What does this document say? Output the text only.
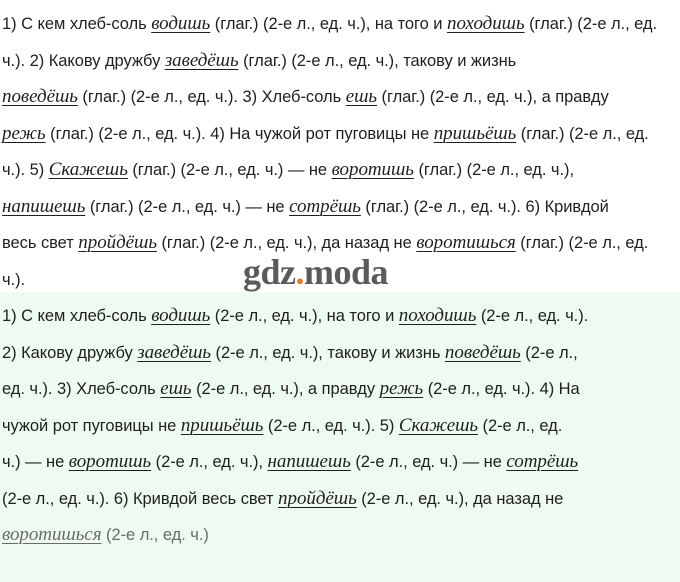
1) С кем хлеб-соль водишь (глаг.) (2-е л., ед. ч.), на того и походишь (глаг.) (2-е л., ед.
ч.). 2) Какову дружбу заведёшь (глаг.) (2-е л., ед. ч.), такову и жизнь
поведёшь (глаг.) (2-е л., ед. ч.). 3) Хлеб-соль ешь (глаг.) (2-е л., ед. ч.), а правду
режь (глаг.) (2-е л., ед. ч.). 4) На чужой рот пуговицы не пришьёшь (глаг.) (2-е л., ед.
ч.). 5) Скажешь (глаг.) (2-е л., ед. ч.) — не воротишь (глаг.) (2-е л., ед. ч.),
напишешь (глаг.) (2-е л., ед. ч.) — не сотрёшь (глаг.) (2-е л., ед. ч.). 6) Кривдой
весь свет пройдёшь (глаг.) (2-е л., ед. ч.), да назад не воротишься (глаг.) (2-е л., ед.
ч.).	gdz.moda
1) С кем хлеб-соль водишь (2-е л., ед. ч.), на того и походишь (2-е л., ед. ч.).
2) Какову дружбу заведёшь (2-е л., ед. ч.), такову и жизнь поведёшь (2-е л.,
ед. ч.). 3) Хлеб-соль ешь (2-е л., ед. ч.), а правду режь (2-е л., ед. ч.). 4) На
чужой рот пуговицы не пришьёшь (2-е л., ед. ч.). 5) Скажешь (2-е л., ед.
ч.) — не воротишь (2-е л., ед. ч.), напишешь (2-е л., ед. ч.) — не сотрёшь
(2-е л., ед. ч.). 6) Кривдой весь свет пройдёшь (2-е л., ед. ч.), да назад не
воротишься (2-е л., ед. ч.)
